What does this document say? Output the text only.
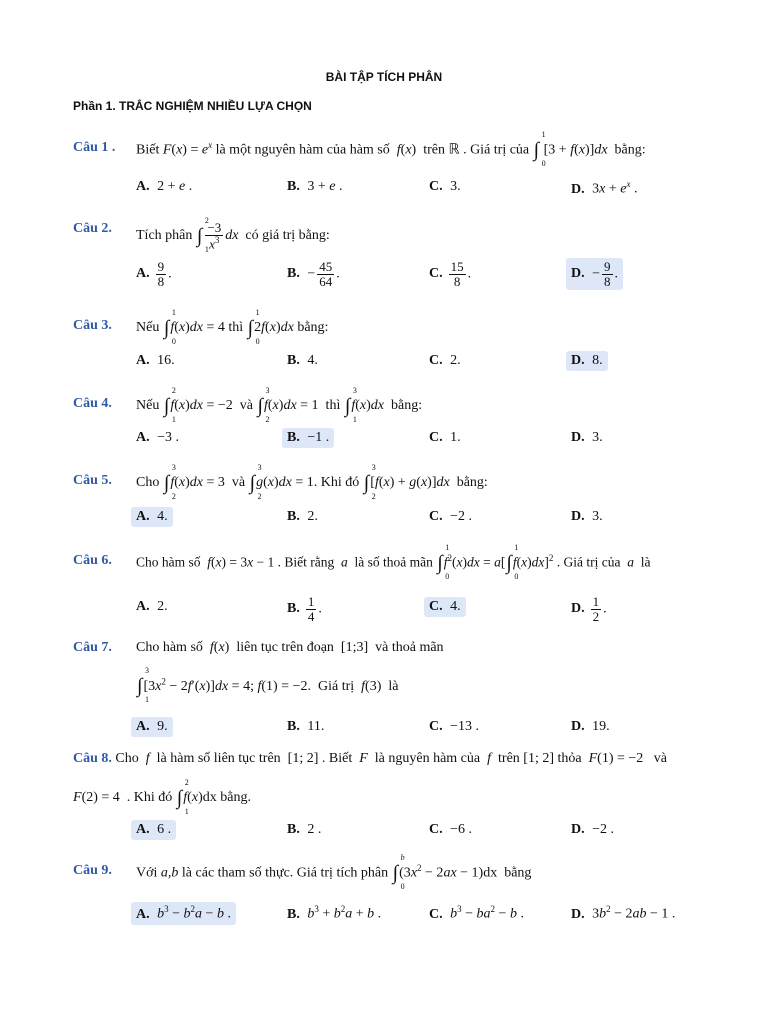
BÀI TẬP TÍCH PHÂN
Phần 1. TRẮC NGHIỆM NHIỀU LỰA CHỌN
Câu 1 . Biết $F(x) = e^x$ là một nguyên hàm của hàm số  f(x)  trên ℝ . Giá trị của ∫
1
0
[3 + f(x)]dx  bằng:
A. 2 + e .	B. 3 + e .	C. 3.	D. $3x + e^x$ .
Câu 2. Tích phân ∫
2
1
$\frac{-3}{x^3}$ dx  có giá trị bằng:
A. $\frac{9}{8}$ .	B. − $\frac{45}{64}$ .	C. $\frac{15}{8}$ .	D. − $\frac{9}{8}$ .
Câu 3. Nếu ∫
1
0
f(x)dx = 4 thì ∫
1
0
2f(x)dx bằng:
A. 16.	B. 4.	C. 2.	D. 8.
Câu 4. Nếu ∫
2
1
f(x)dx = −2  và ∫
3
2
f(x)dx = 1  thì ∫
3
1
f(x)dx  bằng:
A. −3 .	B. −1 .	C. 1.	D. 3.
Câu 5. Cho ∫
3
2
f(x)dx = 3  và ∫
3
2
g(x)dx = 1. Khi đó ∫
3
2
[f(x) + g(x)]dx  bằng:
A. 4.	B. 2.	C. −2 .	D. 3.
Câu 6. Cho hàm số  f(x) = 3x − 1 . Biết rằng  a  là số thoả mãn ∫
1
0
$f^2(x)dx = a[\int$
1
0
f(x)dx]$^2$ . Giá trị của  a  là
A. 2.	B. $\frac{1}{4}$ .	C. 4.	D. $\frac{1}{2}$ .
Câu 7. Cho hàm số  f(x)  liên tục trên đoạn  [1;3]  và thoả mãn
∫
3
1
$[3x^2 - 2f'(x)]dx = 4$; f(1) = −2.  Giá trị  f(3)  là
A. 9.	B. 11.	C. −13 .	D. 19.
Câu 8. Cho  f  là hàm số liên tục trên  [1; 2] . Biết  F  là nguyên hàm của  f  trên [1; 2] thỏa  F(1) = −2   và
F(2) = 4  . Khi đó ∫
2
1
f(x)dx bằng.
A. 6 .	B. 2 .	C. −6 .	D. −2 .
Câu 9. Với a,b là các tham số thực. Giá trị tích phân ∫
b
0
$(3x^2 - 2ax - 1)dx$  bằng
A. $b^3 - b^2a - b$ .	B. $b^3 + b^2a + b$ .	C. $b^3 - ba^2 - b$ .	D. $3b^2 - 2ab - 1$ .
